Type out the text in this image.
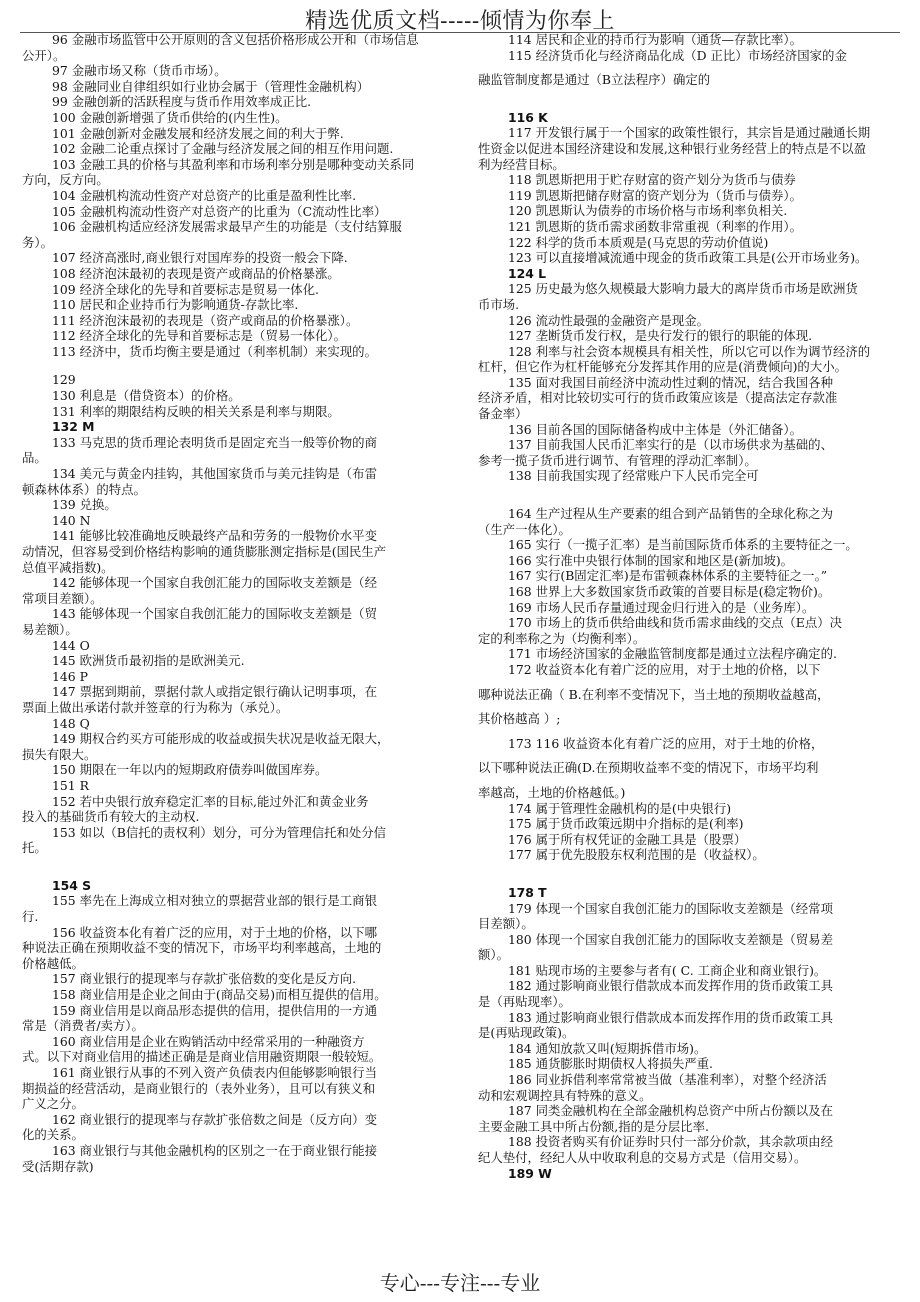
精选优质文档-----倾情为你奉上
96 金融市场监管中公开原则的含义包括价格形成公开和（市场信息
公开）。
97 金融市场又称（货币市场）。
98 金融同业自律组织如行业协会属于（管理性金融机构）
99 金融创新的活跃程度与货币作用效率成正比.
100 金融创新增强了货币供给的(内生性)。
101 金融创新对金融发展和经济发展之间的利大于弊.
102 金融二论重点探讨了金融与经济发展之间的相互作用问题.
103 金融工具的价格与其盈利率和市场利率分别是哪种变动关系同
方向，反方向。
104 金融机构流动性资产对总资产的比重是盈利性比率.
105 金融机构流动性资产对总资产的比重为（C流动性比率）
106 金融机构适应经济发展需求最早产生的功能是（支付结算服
务）。
107 经济高涨时,商业银行对国库券的投资一般会下降.
108 经济泡沫最初的表现是资产或商品的价格暴涨。
109 经济全球化的先导和首要标志是贸易一体化.
110 居民和企业持币行为影响通货-存款比率.
111 经济泡沫最初的表现是（资产或商品的价格暴涨）。
112 经济全球化的先导和首要标志是（贸易一体化）。
113 经济中，货币均衡主要是通过（利率机制）来实现的。
129
130 利息是（借贷资本）的价格。
131 利率的期限结构反映的相关关系是利率与期限。
132 M
133 马克思的货币理论表明货币是固定充当一般等价物的商
品。
134 美元与黄金内挂钩，其他国家货币与美元挂钩是（布雷
顿森林体系）的特点。
139 兑换。
140 N
141 能够比较准确地反映最终产品和劳务的一般物价水平变
动情况，但容易受到价格结构影响的通货膨胀测定指标是(国民生产
总值平减指数)。
142 能够体现一个国家自我创汇能力的国际收支差额是（经
常项目差额）。
143 能够体现一个国家自我创汇能力的国际收支差额是（贸
易差额）。
144 O
145 欧洲货币最初指的是欧洲美元.
146 P
147 票据到期前，票据付款人或指定银行确认记明事项，在
票面上做出承诺付款并签章的行为称为（承兑）。
148 Q
149 期权合约买方可能形成的收益或损失状况是收益无限大，
损失有限大。
150 期限在一年以内的短期政府债券叫做国库券。
151 R
152 若中央银行放弃稳定汇率的目标,能过外汇和黄金业务
投入的基础货币有较大的主动权.
153 如以（B信托的责权利）划分，可分为管理信托和处分信
托。
154 S
155 率先在上海成立相对独立的票据营业部的银行是工商银
行.
156 收益资本化有着广泛的应用，对于土地的价格，以下哪
种说法正确在预期收益不变的情况下，市场平均利率越高，土地的
价格越低。
157 商业银行的提现率与存款扩张倍数的变化是反方向.
158 商业信用是企业之间由于(商品交易)而相互提供的信用。
159 商业信用是以商品形态提供的信用，提供信用的一方通
常是（消费者/卖方）。
160 商业信用是企业在购销活动中经常采用的一种融资方
式。以下对商业信用的描述正确是是商业信用融资期限一般较短。
161 商业银行从事的不列入资产负债表内但能够影响银行当
期损益的经营活动，是商业银行的（表外业务），且可以有狭义和
广义之分。
162 商业银行的提现率与存款扩张倍数之间是（反方向）变
化的关系。
163 商业银行与其他金融机构的区别之一在于商业银行能接
受(活期存款)
114 居民和企业的持币行为影响（通货—存款比率）。
115 经济货币化与经济商品化成（D 正比）市场经济国家的金
融监管制度都是通过（B立法程序）确定的
116 K
117 开发银行属于一个国家的政策性银行，其宗旨是通过融通长期
性资金以促进本国经济建设和发展,这种银行业务经营上的特点是不以盈
利为经营目标。
118 凯恩斯把用于贮存财富的资产划分为货币与债券
119 凯恩斯把储存财富的资产划分为（货币与债券）。
120 凯恩斯认为债券的市场价格与市场利率负相关.
121 凯恩斯的货币需求函数非常重视（利率的作用）。
122 科学的货币本质观是(马克思的劳动价值说)
123 可以直接增减流通中现金的货币政策工具是(公开市场业务)。
124 L
125 历史最为悠久规模最大影响力最大的离岸货币市场是欧洲货
币市场.
126 流动性最强的金融资产是现金。
127 垄断货币发行权，是央行发行的银行的职能的体现.
128 利率与社会资本规模具有相关性，所以它可以作为调节经济的
杠杆，但它作为杠杆能够充分发挥其作用的应是(消费倾向)的大小。
135 面对我国目前经济中流动性过剩的情况，结合我国各种
经济矛盾，相对比较切实可行的货币政策应该是（提高法定存款准
备金率）
136 目前各国的国际储备构成中主体是（外汇储备）。
137 目前我国人民币汇率实行的是（以市场供求为基础的、
参考一揽子货币进行调节、有管理的浮动汇率制）。
138 目前我国实现了经常账户下人民币完全可
164 生产过程从生产要素的组合到产品销售的全球化称之为
（生产一体化）。
165 实行（一揽子汇率）是当前国际货币体系的主要特征之一。
166 实行准中央银行体制的国家和地区是(新加坡)。
167 实行(B固定汇率)是布雷顿森林体系的主要特征之一。”
168 世界上大多数国家货币政策的首要目标是(稳定物价)。
169 市场人民币存量通过现金归行进入的是（业务库）。
170 市场上的货币供给曲线和货币需求曲线的交点（E点）决
定的利率称之为（均衡利率）。
171 市场经济国家的金融监管制度都是通过立法程序确定的.
172 收益资本化有着广泛的应用，对于土地的价格，以下
哪种说法正确（ B.在利率不变情况下，当土地的预期收益越高，
其价格越高 ）;
173 116 收益资本化有着广泛的应用，对于土地的价格，
以下哪种说法正确(D.在预期收益率不变的情况下，市场平均利
率越高，土地的价格越低。)
174 属于管理性金融机构的是(中央银行)
175 属于货币政策远期中介指标的是(利率)
176 属于所有权凭证的金融工具是（股票）
177 属于优先股股东权利范围的是（收益权）。
178 T
179 体现一个国家自我创汇能力的国际收支差额是（经常项
目差额）。
180 体现一个国家自我创汇能力的国际收支差额是（贸易差
额）。
181 贴现市场的主要参与者有( C. 工商企业和商业银行)。
182 通过影响商业银行借款成本而发挥作用的货币政策工具
是（再贴现率）。
183 通过影响商业银行借款成本而发挥作用的货币政策工具
是(再贴现政策)。
184 通知放款又叫(短期拆借市场)。
185 通货膨胀时期债权人将损失严重.
186 同业拆借利率常常被当做（基准利率），对整个经济活
动和宏观调控具有特殊的意义。
187 同类金融机构在全部金融机构总资产中所占份额以及在
主要金融工具中所占份额,指的是分层比率.
188 投资者购买有价证券时只付一部分价款，其余款项由经
纪人垫付，经纪人从中收取利息的交易方式是（信用交易）。
189 W
专心---专注---专业
